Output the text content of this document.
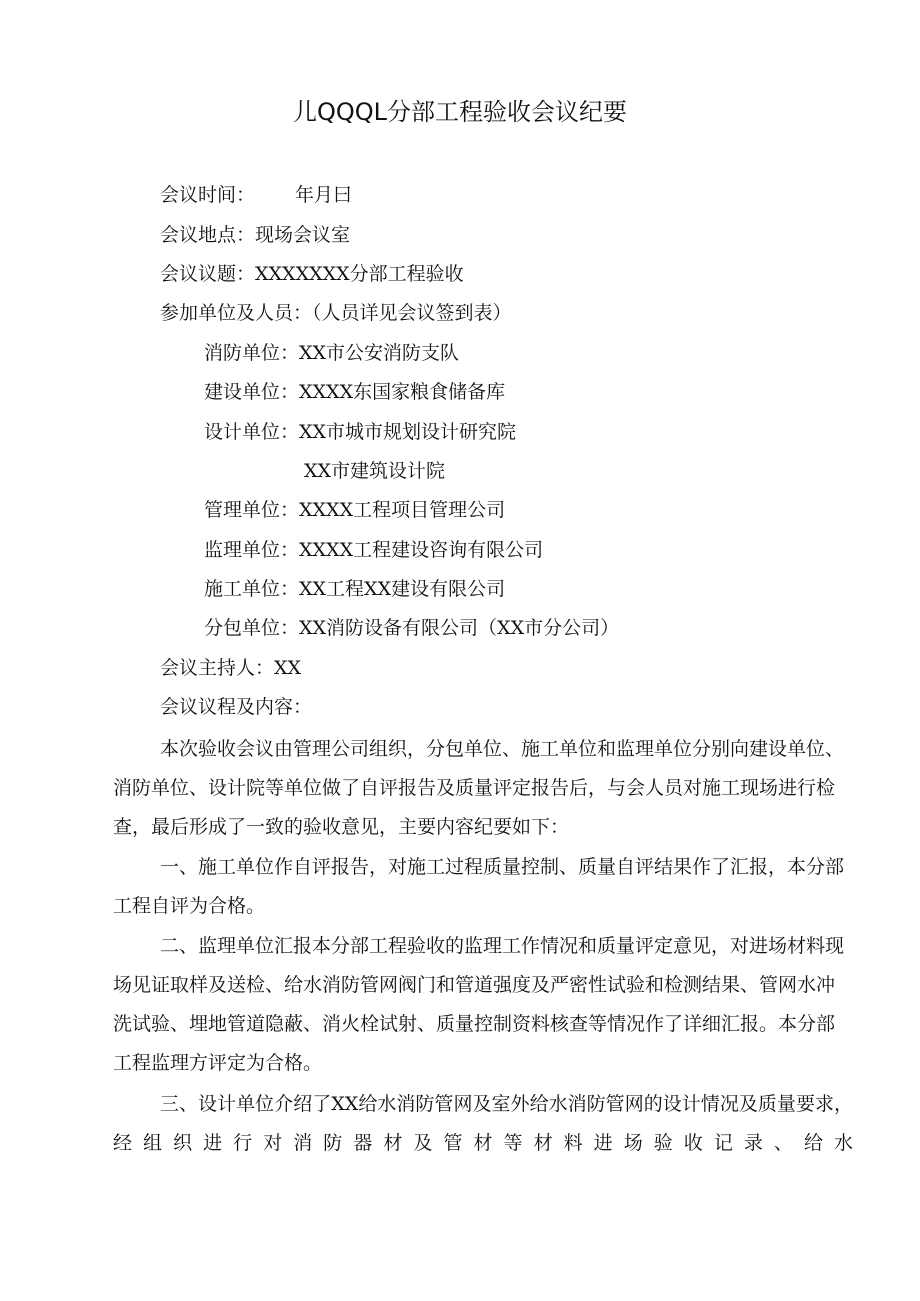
儿QQQL分部工程验收会议纪要
会议时间： 年月曰
会议地点：现场会议室
会议议题：XXXXXXX分部工程验收
参加单位及人员：（人员详见会议签到表）
消防单位：XX市公安消防支队
建设单位：XXXX东国家粮食储备库
设计单位：XX市城市规划设计研究院
XX市建筑设计院
管理单位：XXXX工程项目管理公司
监理单位：XXXX工程建设咨询有限公司
施工单位：XX工程XX建设有限公司
分包单位：XX消防设备有限公司（XX市分公司）
会议主持人：XX
会议议程及内容：
本次验收会议由管理公司组织，分包单位、施工单位和监理单位分别向建设单位、消防单位、设计院等单位做了自评报告及质量评定报告后，与会人员对施工现场进行检查，最后形成了一致的验收意见，主要内容纪要如下：
一、施工单位作自评报告，对施工过程质量控制、质量自评结果作了汇报，本分部工程自评为合格。
二、监理单位汇报本分部工程验收的监理工作情况和质量评定意见，对进场材料现场见证取样及送检、给水消防管网阀门和管道强度及严密性试验和检测结果、管网水冲洗试验、埋地管道隐蔽、消火栓试射、质量控制资料核查等情况作了详细汇报。本分部工程监理方评定为合格。
三、设计单位介绍了XX给水消防管网及室外给水消防管网的设计情况及质量要求，经组织进行对消防器材及管材等材料进场验收记录、给水
